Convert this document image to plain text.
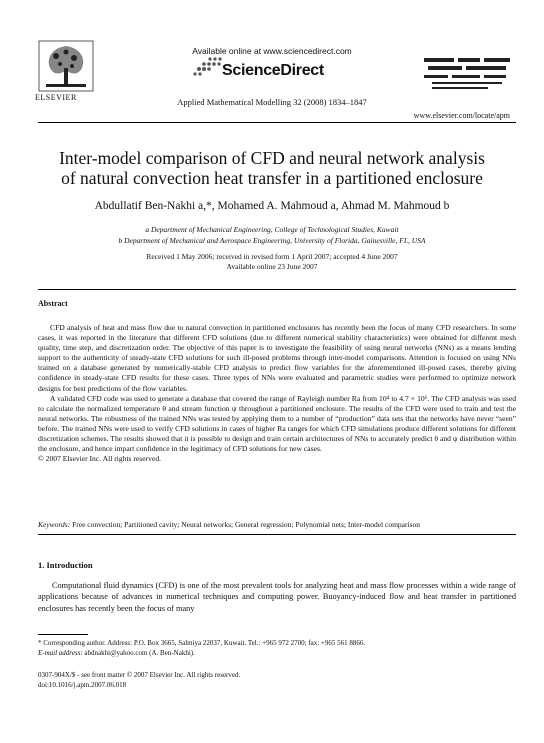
Available online at www.sciencedirect.com
ScienceDirect
ELSEVIER	Applied Mathematical Modelling 32 (2008) 1834–1847
www.elsevier.com/locate/apm
Inter-model comparison of CFD and neural network analysis
of natural convection heat transfer in a partitioned enclosure
Abdullatif Ben-Nakhi a,*, Mohamed A. Mahmoud a, Ahmad M. Mahmoud b
a Department of Mechanical Engineering, College of Technological Studies, Kuwait
b Department of Mechanical and Aerospace Engineering, University of Florida, Gainesville, FL, USA
Received 1 May 2006; received in revised form 1 April 2007; accepted 4 June 2007
Available online 23 June 2007
Abstract

CFD analysis of heat and mass flow due to natural convection in partitioned enclosures has recently been the focus of many CFD researchers. In some cases, it was reported in the literature that different CFD solutions (due to different numerical stability characteristics) were obtained for different mesh quality, time step, and discretization order. The objective of this paper is to investigate the feasibility of using neural networks (NNs) as a means lending support to the authenticity of steady-state CFD solutions for such ill-posed problems through inter-model comparisons. Attention is focused on using NNs trained on a database generated by numerically-stable CFD analysis to predict flow variables for the aforementioned ill-posed cases, thereby giving confidence in steady-state CFD results for these cases. Three types of NNs were evaluated and parametric studies were performed to optimize network designs for best predictions of the flow variables.

A validated CFD code was used to generate a database that covered the range of Rayleigh number Ra from 10⁴ to 4.7 × 10⁶. The CFD analysis was used to calculate the normalized temperature θ and stream function ψ throughout a partitioned enclosure. The results of the CFD were used to train and test the neural networks. The robustness of the trained NNs was tested by applying them to a number of “production” data sets that the networks have never “seen” before. The trained NNs were used to verify CFD solutions in cases of higher Ra ranges for which CFD simulations produce different solutions for different discretization schemes. The results showed that it is possible to design and train certain architectures of NNs to accurately predict θ and ψ distribution within the enclosure, and hence impart confidence in the legitimacy of CFD solutions for new cases.

© 2007 Elsevier Inc. All rights reserved.

Keywords: Free convection; Partitioned cavity; Neural networks; General regression; Polynomial nets; Inter-model comparison
1. Introduction
Computational fluid dynamics (CFD) is one of the most prevalent tools for analyzing heat and mass flow processes within a wide range of applications because of advances in numerical techniques and computing power. Buoyancy-induced flow and heat transfer in partitioned enclosures has recently been the focus of many
* Corresponding author. Address: P.O. Box 3665, Salmiya 22037, Kuwait. Tel.: +965 972 2700; fax: +965 561 8866.
E-mail address: abdnakhi@yahoo.com (A. Ben-Nakhi).
0307-904X/$ - see front matter © 2007 Elsevier Inc. All rights reserved.
doi:10.1016/j.apm.2007.06.018
